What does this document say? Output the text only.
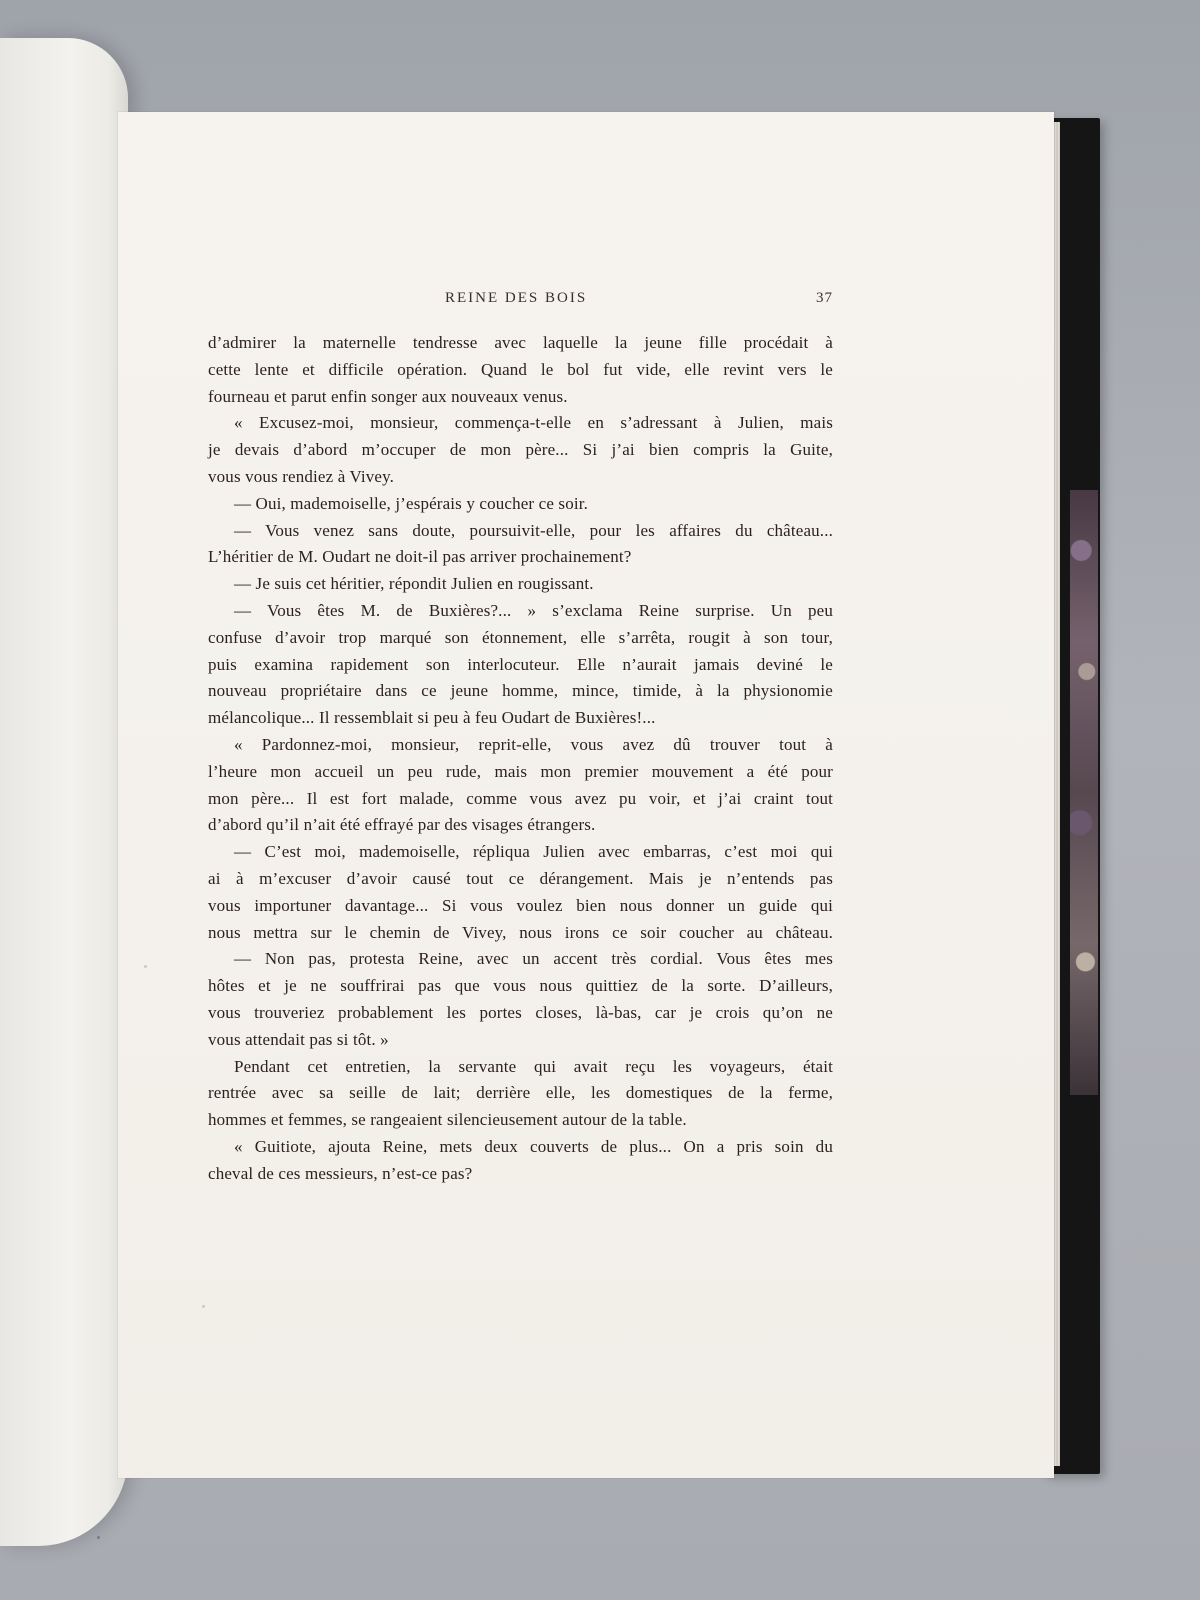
REINE DES BOIS	37
d’admirer la maternelle tendresse avec laquelle la jeune fille procédait à
cette lente et difficile opération. Quand le bol fut vide, elle revint vers le
fourneau et parut enfin songer aux nouveaux venus.
« Excusez-moi, monsieur, commença-t-elle en s’adressant à Julien, mais
je devais d’abord m’occuper de mon père... Si j’ai bien compris la Guite,
vous vous rendiez à Vivey.
— Oui, mademoiselle, j’espérais y coucher ce soir.
— Vous venez sans doute, poursuivit-elle, pour les affaires du château...
L’héritier de M. Oudart ne doit-il pas arriver prochainement?
— Je suis cet héritier, répondit Julien en rougissant.
— Vous êtes M. de Buxières?... » s’exclama Reine surprise. Un peu
confuse d’avoir trop marqué son étonnement, elle s’arrêta, rougit à son tour,
puis examina rapidement son interlocuteur. Elle n’aurait jamais deviné le
nouveau propriétaire dans ce jeune homme, mince, timide, à la physionomie
mélancolique... Il ressemblait si peu à feu Oudart de Buxières!...
« Pardonnez-moi, monsieur, reprit-elle, vous avez dû trouver tout à
l’heure mon accueil un peu rude, mais mon premier mouvement a été pour
mon père... Il est fort malade, comme vous avez pu voir, et j’ai craint tout
d’abord qu’il n’ait été effrayé par des visages étrangers.
— C’est moi, mademoiselle, répliqua Julien avec embarras, c’est moi qui
ai à m’excuser d’avoir causé tout ce dérangement. Mais je n’entends pas
vous importuner davantage... Si vous voulez bien nous donner un guide qui
nous mettra sur le chemin de Vivey, nous irons ce soir coucher au château.
— Non pas, protesta Reine, avec un accent très cordial. Vous êtes mes
hôtes et je ne souffrirai pas que vous nous quittiez de la sorte. D’ailleurs,
vous trouveriez probablement les portes closes, là-bas, car je crois qu’on ne
vous attendait pas si tôt. »
Pendant cet entretien, la servante qui avait reçu les voyageurs, était
rentrée avec sa seille de lait; derrière elle, les domestiques de la ferme,
hommes et femmes, se rangeaient silencieusement autour de la table.
« Guitiote, ajouta Reine, mets deux couverts de plus... On a pris soin du
cheval de ces messieurs, n’est-ce pas?
